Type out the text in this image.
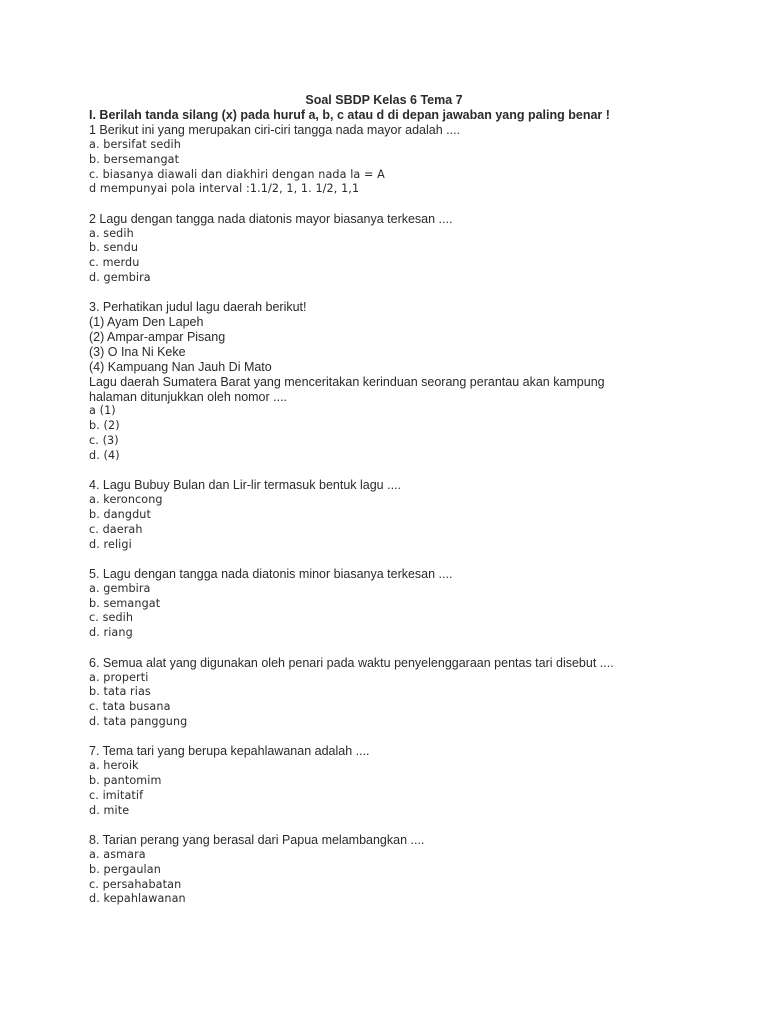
Soal SBDP Kelas 6 Tema 7
I. Berilah tanda silang (x) pada huruf a, b, c atau d di depan jawaban yang paling benar !
1 Berikut ini yang merupakan ciri-ciri tangga nada mayor adalah ....
a. bersifat sedih
b. bersemangat
c. biasanya diawali dan diakhiri dengan nada la = A
d mempunyai pola interval :1.1/2, 1, 1. 1/2, 1,1
2 Lagu dengan tangga nada diatonis mayor biasanya terkesan ....
a. sedih
b. sendu
c. merdu
d. gembira
3. Perhatikan judul lagu daerah berikut!
(1) Ayam Den Lapeh
(2) Ampar-ampar Pisang
(3) O Ina Ni Keke
(4) Kampuang Nan Jauh Di Mato
Lagu daerah Sumatera Barat yang menceritakan kerinduan seorang perantau akan kampung
halaman ditunjukkan oleh nomor ....
a (1)
b. (2)
c. (3)
d. (4)
4. Lagu Bubuy Bulan dan Lir-lir termasuk bentuk lagu ....
a. keroncong
b. dangdut
c. daerah
d. religi
5. Lagu dengan tangga nada diatonis minor biasanya terkesan ....
a. gembira
b. semangat
c. sedih
d. riang
6. Semua alat yang digunakan oleh penari pada waktu penyelenggaraan pentas tari disebut ....
a. properti
b. tata rias
c. tata busana
d. tata panggung
7. Tema tari yang berupa kepahlawanan adalah ....
a. heroik
b. pantomim
c. imitatif
d. mite
8. Tarian perang yang berasal dari Papua melambangkan ....
a. asmara
b. pergaulan
c. persahabatan
d. kepahlawanan
